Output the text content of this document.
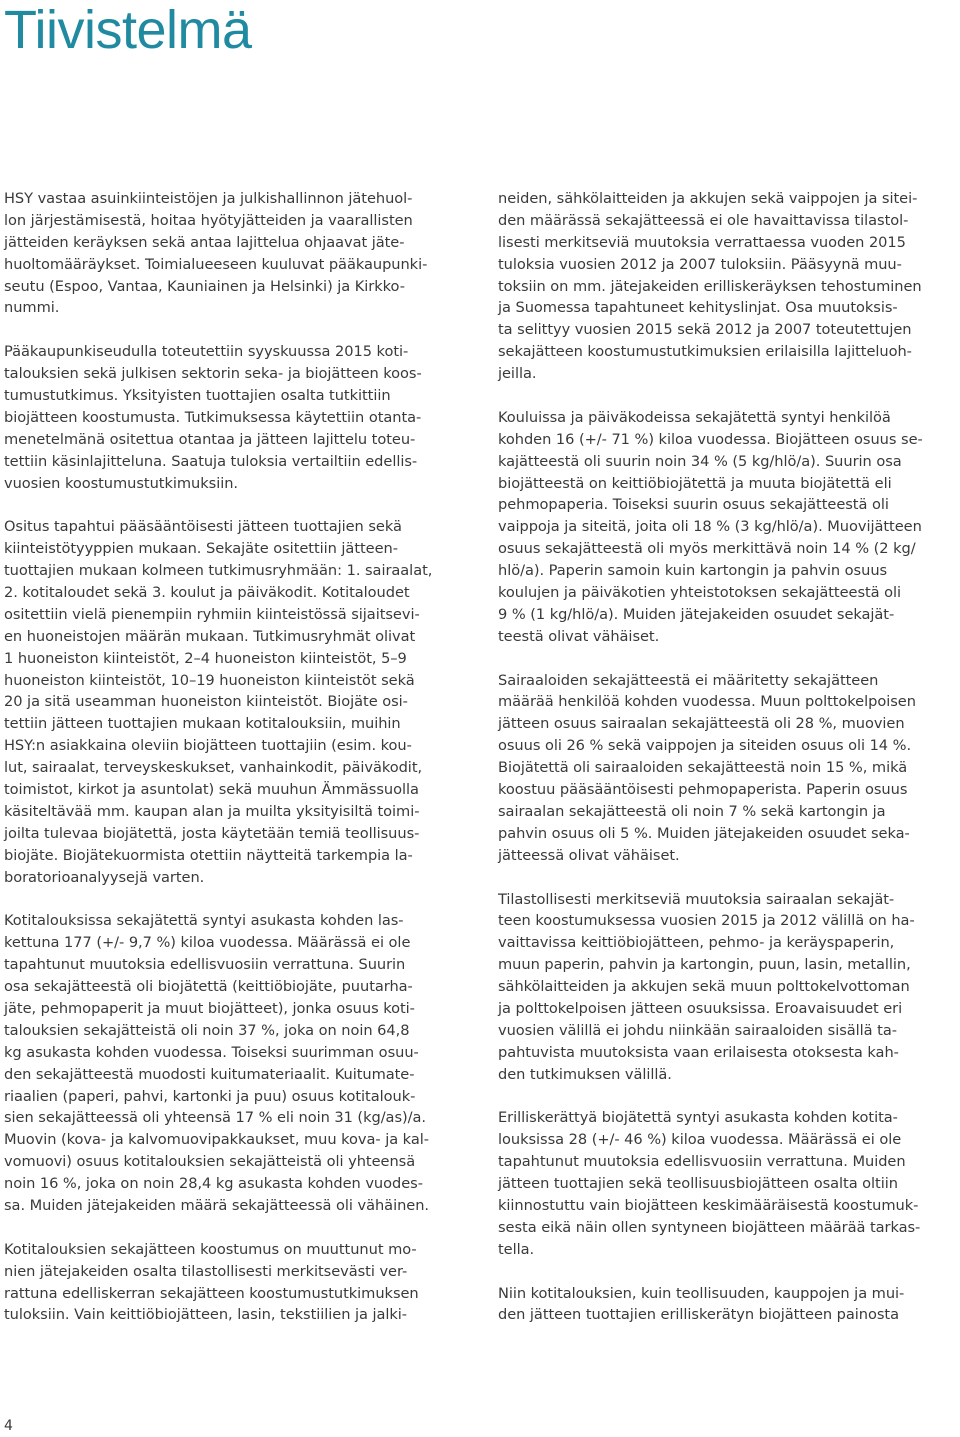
Tiivistelmä
HSY vastaa asuinkiinteistöjen ja julkishallinnon jätehuol-
lon järjestämisestä, hoitaa hyötyjätteiden ja vaarallisten
jätteiden keräyksen sekä antaa lajittelua ohjaavat jäte-
huoltomääräykset. Toimialueeseen kuuluvat pääkaupunki-
seutu (Espoo, Vantaa, Kauniainen ja Helsinki) ja Kirkko-
nummi.
Pääkaupunkiseudulla toteutettiin syyskuussa 2015 koti-
talouksien sekä julkisen sektorin seka- ja biojätteen koos-
tumustutkimus. Yksityisten tuottajien osalta tutkittiin
biojätteen koostumusta. Tutkimuksessa käytettiin otanta-
menetelmänä ositettua otantaa ja jätteen lajittelu toteu-
tettiin käsinlajitteluna. Saatuja tuloksia vertailtiin edellis-
vuosien koostumustutkimuksiin.
Ositus tapahtui pääsääntöisesti jätteen tuottajien sekä
kiinteistötyyppien mukaan. Sekajäte ositettiin jätteen-
tuottajien mukaan kolmeen tutkimusryhmään: 1. sairaalat,
2. kotitaloudet sekä 3. koulut ja päiväkodit. Kotitaloudet
ositettiin vielä pienempiin ryhmiin kiinteistössä sijaitsevi-
en huoneistojen määrän mukaan. Tutkimusryhmät olivat
1 huoneiston kiinteistöt, 2–4 huoneiston kiinteistöt, 5–9
huoneiston kiinteistöt, 10–19 huoneiston kiinteistöt sekä
20 ja sitä useamman huoneiston kiinteistöt. Biojäte osi-
tettiin jätteen tuottajien mukaan kotitalouksiin, muihin
HSY:n asiakkaina oleviin biojätteen tuottajiin (esim. kou-
lut, sairaalat, terveyskeskukset, vanhainkodit, päiväkodit,
toimistot, kirkot ja asuntolat) sekä muuhun Ämmässuolla
käsiteltävää mm. kaupan alan ja muilta yksityisiltä toimi-
joilta tulevaa biojätettä, josta käytetään temiä teollisuus-
biojäte. Biojätekuormista otettiin näytteitä tarkempia la-
boratorioanalyysejä varten.
Kotitalouksissa sekajätettä syntyi asukasta kohden las-
kettuna 177 (+/- 9,7 %) kiloa vuodessa. Määrässä ei ole
tapahtunut muutoksia edellisvuosiin verrattuna. Suurin
osa sekajätteestä oli biojätettä (keittiöbiojäte, puutarha-
jäte, pehmopaperit ja muut biojätteet), jonka osuus koti-
talouksien sekajätteistä oli noin 37 %, joka on noin 64,8
kg asukasta kohden vuodessa. Toiseksi suurimman osuu-
den sekajätteestä muodosti kuitumateriaalit. Kuitumate-
riaalien (paperi, pahvi, kartonki ja puu) osuus kotitalouk-
sien sekajätteessä oli yhteensä 17 % eli noin 31 (kg/as)/a.
Muovin (kova- ja kalvomuovipakkaukset, muu kova- ja kal-
vomuovi) osuus kotitalouksien sekajätteistä oli yhteensä
noin 16 %, joka on noin 28,4 kg asukasta kohden vuodes-
sa. Muiden jätejakeiden määrä sekajätteessä oli vähäinen.
Kotitalouksien sekajätteen koostumus on muuttunut mo-
nien jätejakeiden osalta tilastollisesti merkitsevästi ver-
rattuna edelliskerran sekajätteen koostumustutkimuksen
tuloksiin. Vain keittiöbiojätteen, lasin, tekstiilien ja jalki-
neiden, sähkölaitteiden ja akkujen sekä vaippojen ja sitei-
den määrässä sekajätteessä ei ole havaittavissa tilastol-
lisesti merkitseviä muutoksia verrattaessa vuoden 2015
tuloksia vuosien 2012 ja 2007 tuloksiin. Pääsyynä muu-
toksiin on mm. jätejakeiden erilliskeräyksen tehostuminen
ja Suomessa tapahtuneet kehityslinjat. Osa muutoksis-
ta selittyy vuosien 2015 sekä 2012 ja 2007 toteutettujen
sekajätteen koostumustutkimuksien erilaisilla lajitteluoh-
jeilla.
Kouluissa ja päiväkodeissa sekajätettä syntyi henkilöä
kohden 16 (+/- 71 %) kiloa vuodessa. Biojätteen osuus se-
kajätteestä oli suurin noin 34 % (5 kg/hlö/a). Suurin osa
biojätteestä on keittiöbiojätettä ja muuta biojätettä eli
pehmopaperia. Toiseksi suurin osuus sekajätteestä oli
vaippoja ja siteitä, joita oli 18 % (3 kg/hlö/a). Muovijätteen
osuus sekajätteestä oli myös merkittävä noin 14 % (2 kg/
hlö/a). Paperin samoin kuin kartongin ja pahvin osuus
koulujen ja päiväkotien yhteistotoksen sekajätteestä oli
9 % (1 kg/hlö/a). Muiden jätejakeiden osuudet sekajät-
teestä olivat vähäiset.
Sairaaloiden sekajätteestä ei määritetty sekajätteen
määrää henkilöä kohden vuodessa. Muun polttokelpoisen
jätteen osuus sairaalan sekajätteestä oli 28 %, muovien
osuus oli 26 % sekä vaippojen ja siteiden osuus oli 14 %.
Biojätettä oli sairaaloiden sekajätteestä noin 15 %, mikä
koostuu pääsääntöisesti pehmopaperista. Paperin osuus
sairaalan sekajätteestä oli noin 7 % sekä kartongin ja
pahvin osuus oli 5 %. Muiden jätejakeiden osuudet seka-
jätteessä olivat vähäiset.
Tilastollisesti merkitseviä muutoksia sairaalan sekajät-
teen koostumuksessa vuosien 2015 ja 2012 välillä on ha-
vaittavissa keittiöbiojätteen, pehmo- ja keräyspaperin,
muun paperin, pahvin ja kartongin, puun, lasin, metallin,
sähkölaitteiden ja akkujen sekä muun polttokelvottoman
ja polttokelpoisen jätteen osuuksissa. Eroavaisuudet eri
vuosien välillä ei johdu niinkään sairaaloiden sisällä ta-
pahtuvista muutoksista vaan erilaisesta otoksesta kah-
den tutkimuksen välillä.
Erilliskerättyä biojätettä syntyi asukasta kohden kotita-
louksissa 28 (+/- 46 %) kiloa vuodessa. Määrässä ei ole
tapahtunut muutoksia edellisvuosiin verrattuna. Muiden
jätteen tuottajien sekä teollisuusbiojätteen osalta oltiin
kiinnostuttu vain biojätteen keskimääräisestä koostumuk-
sesta eikä näin ollen syntyneen biojätteen määrää tarkas-
tella.
Niin kotitalouksien, kuin teollisuuden, kauppojen ja mui-
den jätteen tuottajien erilliskerätyn biojätteen painosta
4
